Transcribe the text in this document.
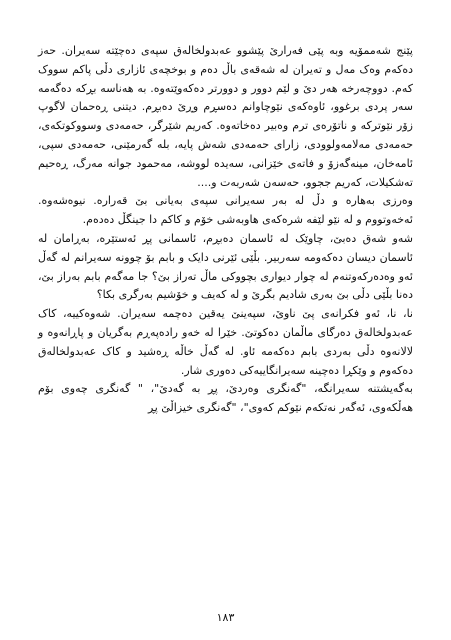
پێنج شەممۆیە وبە پێی فەرارێ پێشوو عەبدولخالەق سپەی دەچێتە سەیران. حەز دەکەم وەک مەل و تەیران لە شەقەی باڵ دەم و بوخچەی ئازاری دڵی پاکم سووک کەم. دووچەرخە هەر دێ و لێم دوور و دوورتر دەکەوێتەوە. بە هەناسە بڕکە دەگەمە سەر پردی برغوو، ئاوەکەی نێوچاوانم دەسڕم وڕێ دەبڕم. دیتنی ڕەحمان لاگوپ زۆر نێوترکە و ناتۆرەی ترم وەبیر دەخاتەوە. کەریم شێرگر، حەمەدی وسووکوتکەی، حەمەدی مەلامەولوودی، زاراى حەمەدی شەش پایە، بلە گەرمێنی، حەمەدی سپی، ئامەخان، مینەگەزۆ و فاتەی خێزانی، سەیدە لووشە، مەحمود جوانە مەرگ، ڕەحیم تەشکیلات، کەریم ججوو، حەسەن شەربەت و....

وەرزی بەهارە و دڵ لە بەر سەیرانی سپەی بەیانی بێ قەرارە. نیوەشەوە. ئەخەوتووم و لە نێو لێفە شرەکەی هاوبەشی خۆم و کاکم دا جینگڵ دەدەم.

شەو شەق دەبێ، چاوێک لە ئاسمان دەبڕم، ئاسمانی پڕ ئەستێرە، بەڕامان لە ئاسمان دیسان دەکەومە سەربیر. بڵێی ئێرنی دایک و بابم بۆ چوونە سەیرانم لە گەڵ ئەو وەدەرکەوتنەم لە چوار دیواری بچووکی ماڵ تەراز بێ؟ جا مەگەم بابم بەراز بێ، دەنا بڵێی دڵی بێ بەری شادیم بگرێ و لە کەیف و خۆشیم بەرگری بکا؟

نا، نا، ئەو فکرانەی پێ ناوێ، سپەینێ یەقین دەچمە سەیران. شەوەکییە، کاک عەبدولخالەق دەرگای ماڵمان دەکوتێ. خێرا لە خەو رادەپەڕم بەگریان و پاڕانەوە و لالانەوە دڵی بەردی بابم دەکەمە ئاو. لە گەڵ خاڵە ڕەشید و کاک عەبدولخالەق دەکەوم و وێکڕا دەچینە سەیرانگاییەکی دەوری شار.

بەگەیشتنە سەیرانگە، "گەنگری وەردێ، پڕ بە گەدێ"، " گەنگری چەوی بۆم هەڵکەوی، ئەگەر نەتکەم نێوکم کەوی"، "گەنگری خیزاڵێ پڕ

١٨٣
